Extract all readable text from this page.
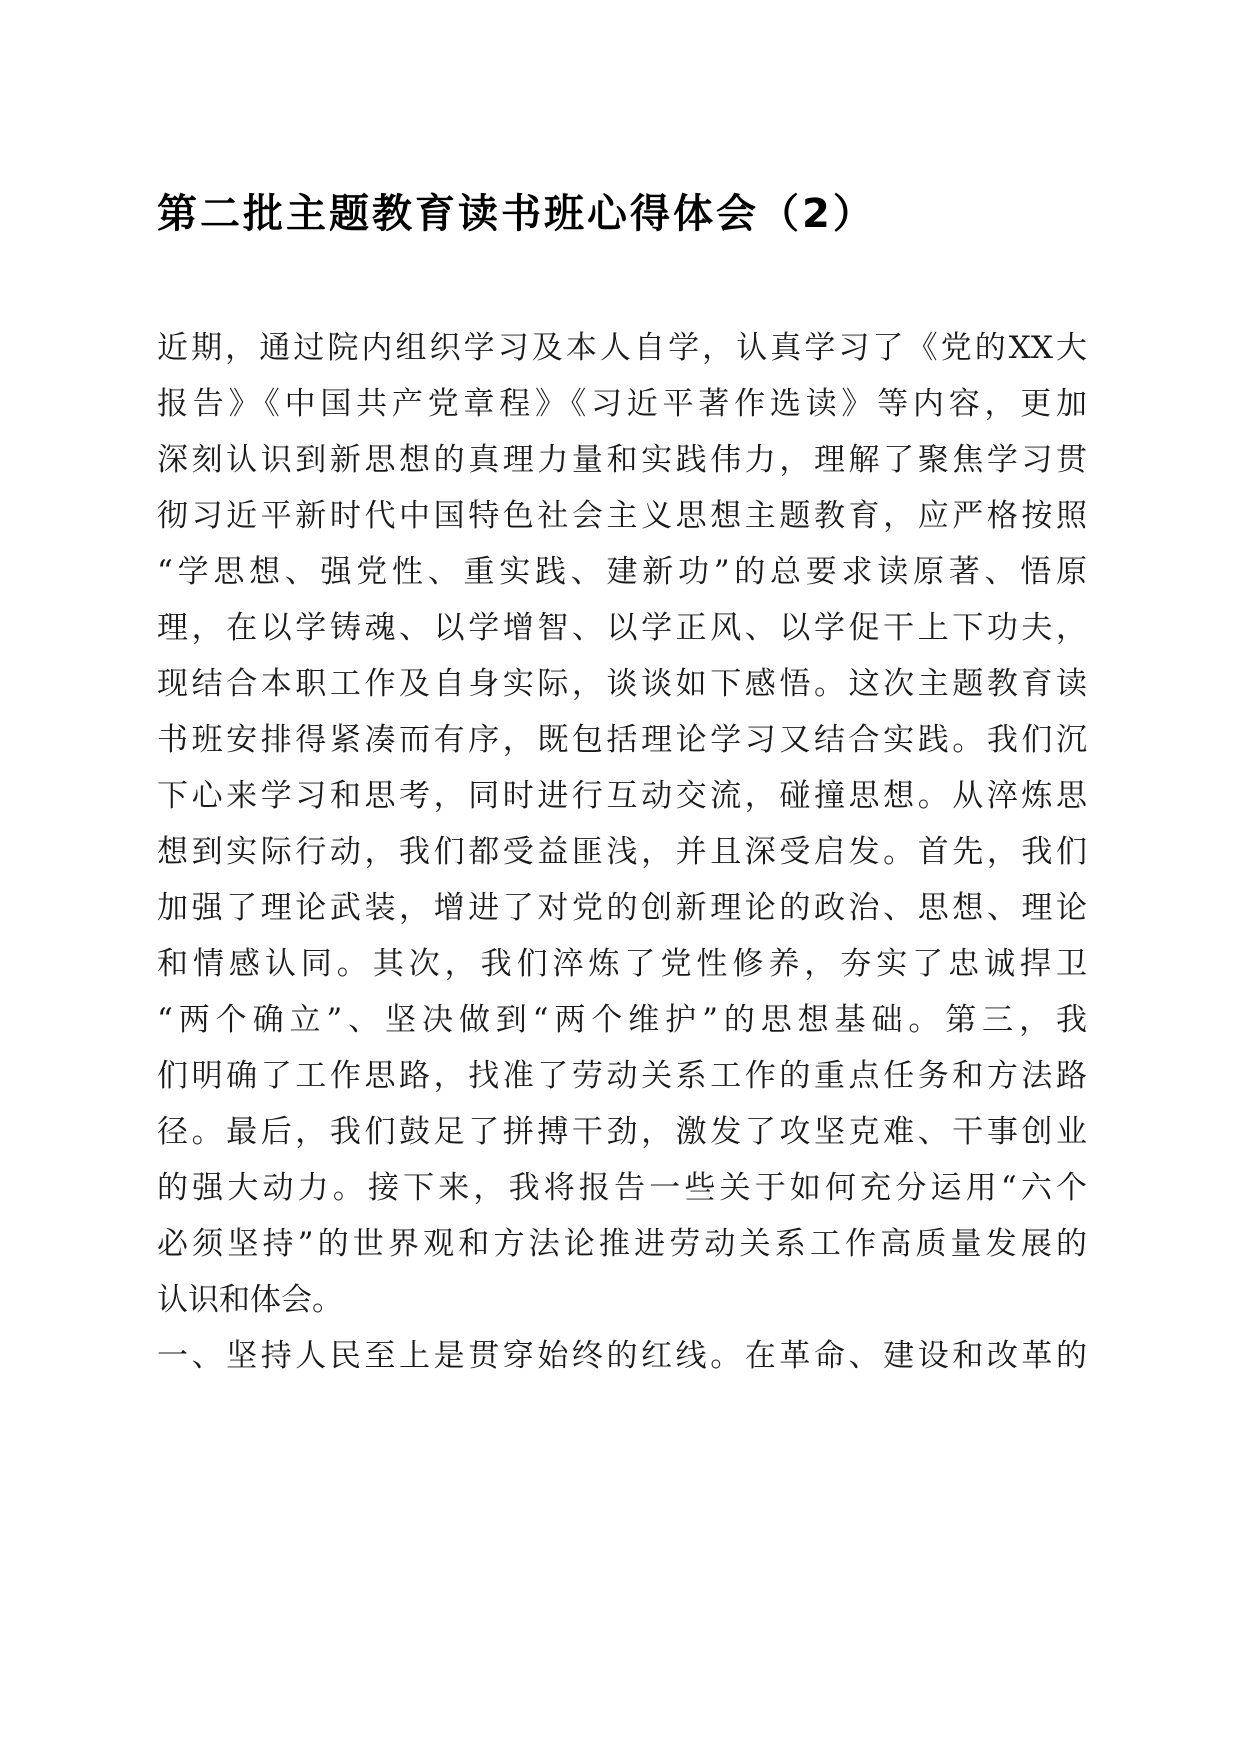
第二批主题教育读书班心得体会（2）
近期，通过院内组织学习及本人自学，认真学习了《党的XX大
报告》《中国共产党章程》《习近平著作选读》等内容，更加
深刻认识到新思想的真理力量和实践伟力，理解了聚焦学习贯
彻习近平新时代中国特色社会主义思想主题教育，应严格按照
“学思想、强党性、重实践、建新功”的总要求读原著、悟原
理，在以学铸魂、以学增智、以学正风、以学促干上下功夫，
现结合本职工作及自身实际，谈谈如下感悟。这次主题教育读
书班安排得紧凑而有序，既包括理论学习又结合实践。我们沉
下心来学习和思考，同时进行互动交流，碰撞思想。从淬炼思
想到实际行动，我们都受益匪浅，并且深受启发。首先，我们
加强了理论武装，增进了对党的创新理论的政治、思想、理论
和情感认同。其次，我们淬炼了党性修养，夯实了忠诚捍卫
“两个确立”、坚决做到“两个维护”的思想基础。第三，我
们明确了工作思路，找准了劳动关系工作的重点任务和方法路
径。最后，我们鼓足了拼搏干劲，激发了攻坚克难、干事创业
的强大动力。接下来，我将报告一些关于如何充分运用“六个
必须坚持”的世界观和方法论推进劳动关系工作高质量发展的
认识和体会。
一、坚持人民至上是贯穿始终的红线。在革命、建设和改革的
